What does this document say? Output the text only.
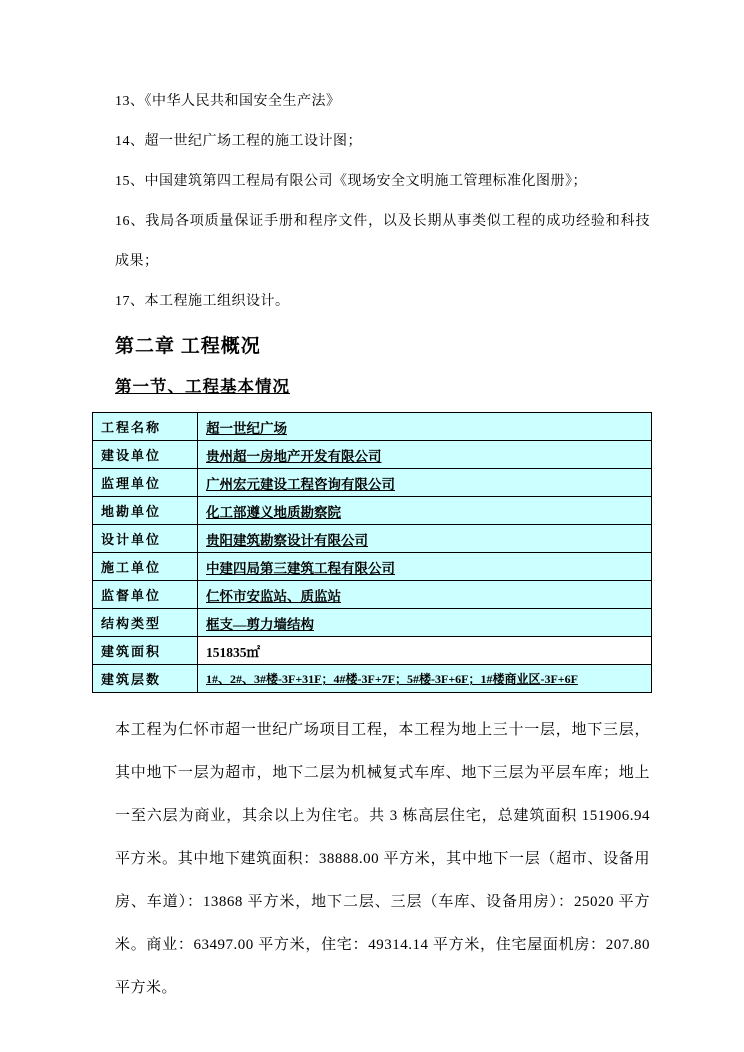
13、《中华人民共和国安全生产法》

14、超一世纪广场工程的施工设计图；

15、中国建筑第四工程局有限公司《现场安全文明施工管理标准化图册》；

16、我局各项质量保证手册和程序文件，以及长期从事类似工程的成功经验和科技成果；

17、本工程施工组织设计。

第二章 工程概况
第一节、工程基本情况
工程名称	超一世纪广场
建设单位	贵州超一房地产开发有限公司
监理单位	广州宏元建设工程咨询有限公司
地勘单位	化工部遵义地质勘察院
设计单位	贵阳建筑勘察设计有限公司
施工单位	中建四局第三建筑工程有限公司
监督单位	仁怀市安监站、质监站
结构类型	框支—剪力墙结构
建筑面积	151835㎡
建筑层数	1#、2#、3#楼-3F+31F；4#楼-3F+7F；5#楼-3F+6F；1#楼商业区-3F+6F

本工程为仁怀市超一世纪广场项目工程，本工程为地上三十一层，地下三层，其中地下一层为超市，地下二层为机械复式车库、地下三层为平层车库；地上一至六层为商业，其余以上为住宅。共 3 栋高层住宅，总建筑面积 151906.94 平方米。其中地下建筑面积：38888.00 平方米，其中地下一层（超市、设备用房、车道）：13868 平方米，地下二层、三层（车库、设备用房）：25020 平方米。商业：63497.00 平方米，住宅：49314.14 平方米，住宅屋面机房：207.80 平方米。
